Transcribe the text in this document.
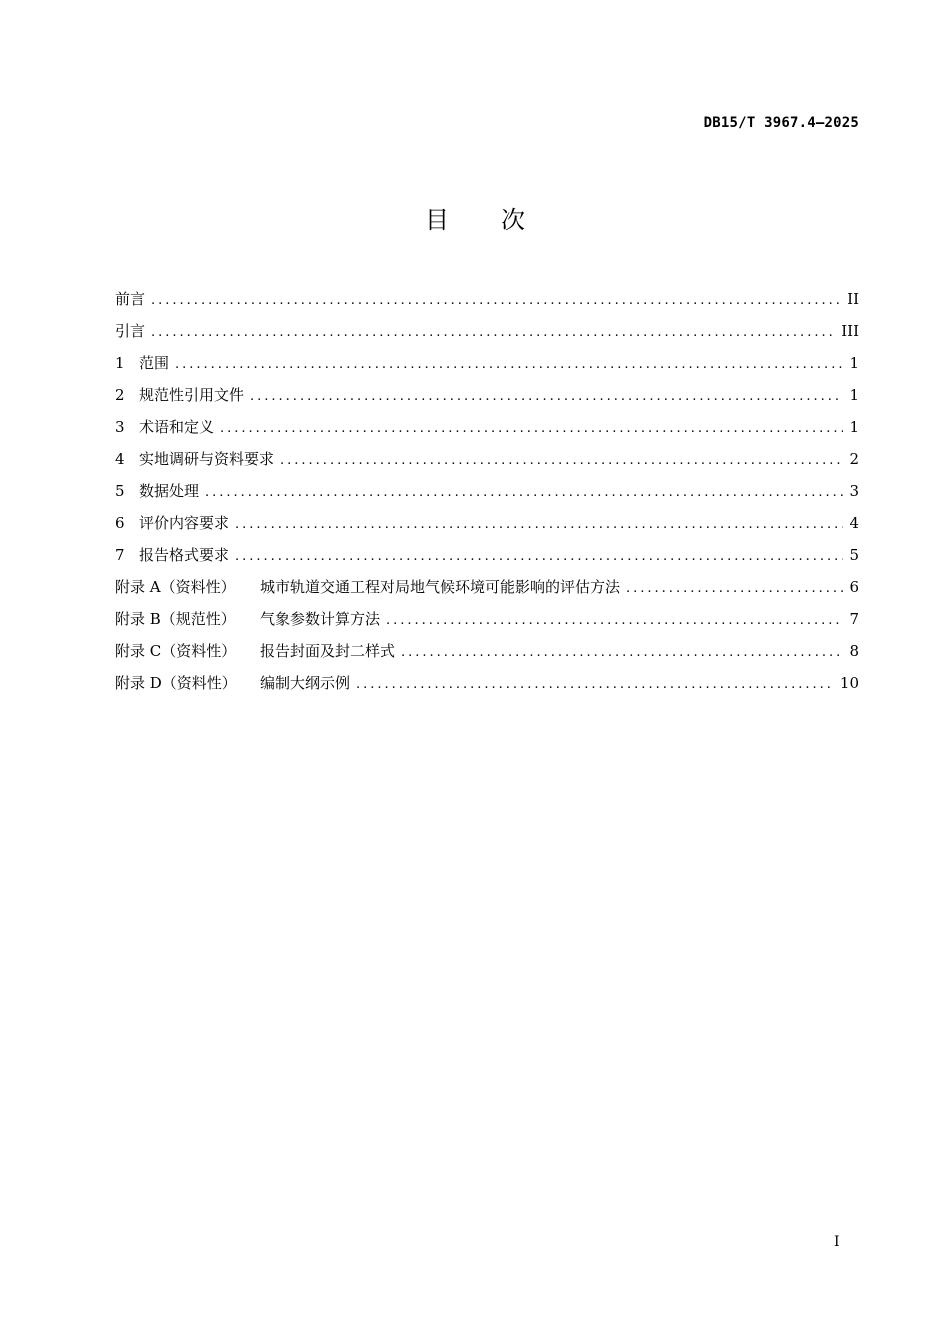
DB15/T 3967.4—2025
目 次
前言 .....	II
引言 .....	III
1 范围 .....	1
2 规范性引用文件 .....	1
3 术语和定义 .....	1
4 实地调研与资料要求 .....	2
5 数据处理 .....	3
6 评价内容要求 .....	4
7 报告格式要求 .....	5
附录 A（资料性）	城市轨道交通工程对局地气候环境可能影响的评估方法 .....	6
附录 B（规范性）	气象参数计算方法 .....	7
附录 C（资料性）	报告封面及封二样式 .....	8
附录 D（资料性）	编制大纲示例 .....	10
I
